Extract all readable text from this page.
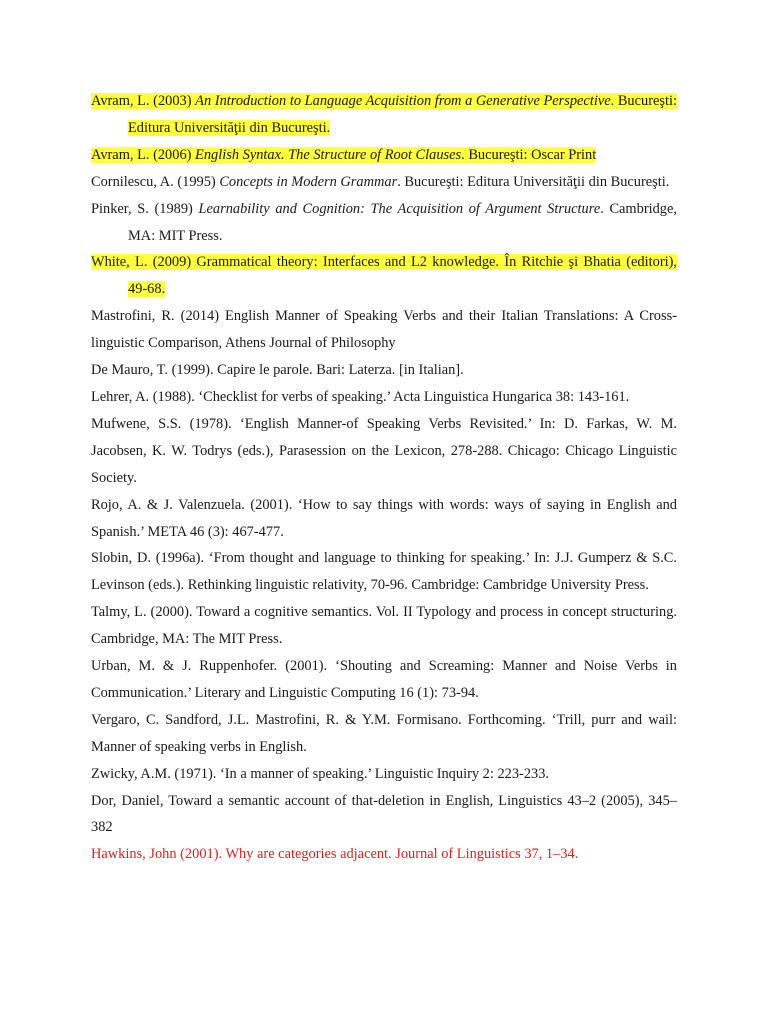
Avram, L. (2003) An Introduction to Language Acquisition from a Generative Perspective. Bucureşti: Editura Universităţii din Bucureşti.

Avram, L. (2006) English Syntax. The Structure of Root Clauses. Bucureşti: Oscar Print

Cornilescu, A. (1995) Concepts in Modern Grammar. Bucureşti: Editura Universităţii din Bucureşti.

Pinker, S. (1989) Learnability and Cognition: The Acquisition of Argument Structure. Cambridge, MA: MIT Press.

White, L. (2009) Grammatical theory: Interfaces and L2 knowledge. În Ritchie şi Bhatia (editori), 49-68.

Mastrofini, R. (2014) English Manner of Speaking Verbs and their Italian Translations: A Cross-linguistic Comparison, Athens Journal of Philosophy

De Mauro, T. (1999). Capire le parole. Bari: Laterza. [in Italian].

Lehrer, A. (1988). ‘Checklist for verbs of speaking.’ Acta Linguistica Hungarica 38: 143-161.

Mufwene, S.S. (1978). ‘English Manner-of Speaking Verbs Revisited.’ In: D. Farkas, W. M. Jacobsen, K. W. Todrys (eds.), Parasession on the Lexicon, 278-288. Chicago: Chicago Linguistic Society.

Rojo, A. & J. Valenzuela. (2001). ‘How to say things with words: ways of saying in English and Spanish.’ META 46 (3): 467-477.

Slobin, D. (1996a). ‘From thought and language to thinking for speaking.’ In: J.J. Gumperz & S.C. Levinson (eds.). Rethinking linguistic relativity, 70-96. Cambridge: Cambridge University Press.

Talmy, L. (2000). Toward a cognitive semantics. Vol. II Typology and process in concept structuring. Cambridge, MA: The MIT Press.

Urban, M. & J. Ruppenhofer. (2001). ‘Shouting and Screaming: Manner and Noise Verbs in Communication.’ Literary and Linguistic Computing 16 (1): 73-94.

Vergaro, C. Sandford, J.L. Mastrofini, R. & Y.M. Formisano. Forthcoming. ‘Trill, purr and wail: Manner of speaking verbs in English.

Zwicky, A.M. (1971). ‘In a manner of speaking.’ Linguistic Inquiry 2: 223-233.

Dor, Daniel, Toward a semantic account of that-deletion in English, Linguistics 43–2 (2005), 345–382

Hawkins, John (2001). Why are categories adjacent. Journal of Linguistics 37, 1–34.
